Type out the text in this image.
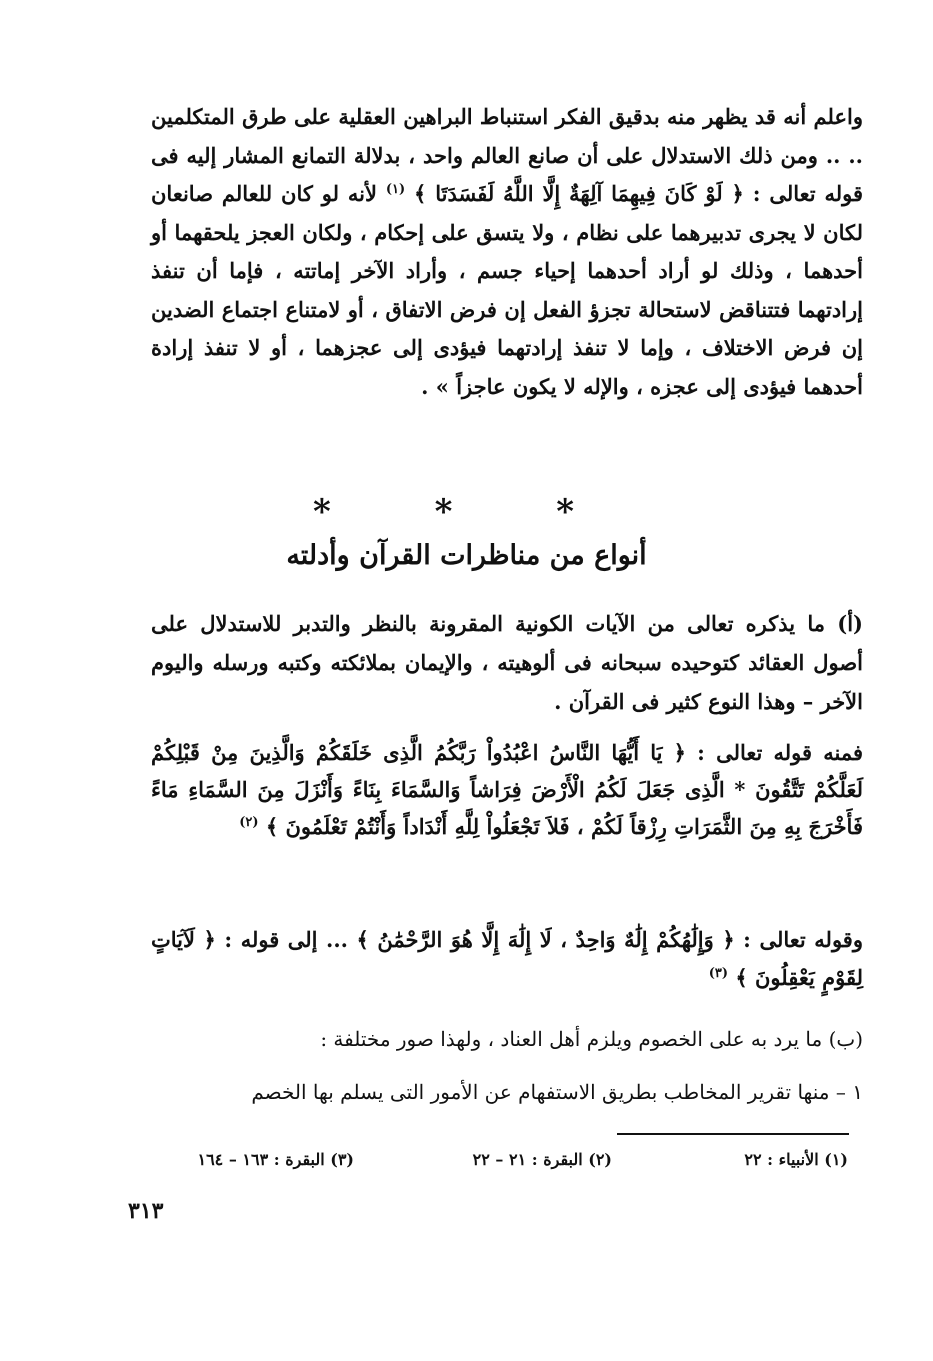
واعلم أنه قد يظهر منه بدقيق الفكر استنباط البراهين العقلية على طرق المتكلمين .. .. ومن ذلك الاستدلال على أن صانع العالم واحد ، بدلالة التمانع المشار إليه فى قوله تعالى : ﴿ لَوْ كَانَ فِيهِمَا آلِهَةٌ إِلَّا اللَّهُ لَفَسَدَتَا ﴾ $^{(١)}$ لأنه لو كان للعالم صانعان لكان لا يجرى تدبيرهما على نظام ، ولا يتسق على إحكام ، ولكان العجز يلحقهما أو أحدهما ، وذلك لو أراد أحدهما إحياء جسم ، وأراد الآخر إماتته ، فإما أن تنفذ إرادتهما فتتناقض لاستحالة تجزؤ الفعل إن فرض الاتفاق ، أو لامتناع اجتماع الضدين إن فرض الاختلاف ، وإما لا تنفذ إرادتهما فيؤدى إلى عجزهما ، أو لا تنفذ إرادة أحدهما فيؤدى إلى عجزه ، والإله لا يكون عاجزاً » .

* * *
أنواع من مناظرات القرآن وأدلته

(أ) ما يذكره تعالى من الآيات الكونية المقرونة بالنظر والتدبر للاستدلال على أصول العقائد كتوحيده سبحانه فى ألوهيته ، والإيمان بملائكته وكتبه ورسله واليوم الآخر – وهذا النوع كثير فى القرآن .

فمنه قوله تعالى : ﴿ يَا أَيُّهَا النَّاسُ اعْبُدُواْ رَبَّكُمُ الَّذِى خَلَقَكُمْ وَالَّذِينَ مِنْ قَبْلِكُمْ لَعَلَّكُمْ تَتَّقُونَ * الَّذِى جَعَلَ لَكُمُ الْأَرْضَ فِرَاشاً وَالسَّمَاءَ بِنَاءً وَأَنْزَلَ مِنَ السَّمَاءِ مَاءً فَأَخْرَجَ بِهِ مِنَ الثَّمَرَاتِ رِزْقاً لَكُمْ ، فَلاَ تَجْعَلُواْ لِلَّهِ أَنْدَاداً وَأَنْتُمْ تَعْلَمُونَ ﴾ $^{(٢)}$

وقوله تعالى : ﴿ وَإِلَٰهُكُمْ إِلَٰهٌ وَاحِدٌ ، لَا إِلَٰهَ إِلَّا هُوَ الرَّحْمَٰنُ ﴾ ... إلى قوله : ﴿ لَآيَاتٍ لِقَوْمٍ يَعْقِلُونَ ﴾ $^{(٣)}$

(ب) ما يرد به على الخصوم ويلزم أهل العناد ، ولهذا صور مختلفة :

١ – منها تقرير المخاطب بطريق الاستفهام عن الأمور التى يسلم بها الخصم

(١) الأنبياء : ٢٢
(٢) البقرة : ٢١ – ٢٢
(٣) البقرة : ١٦٣ – ١٦٤
٣١٣
